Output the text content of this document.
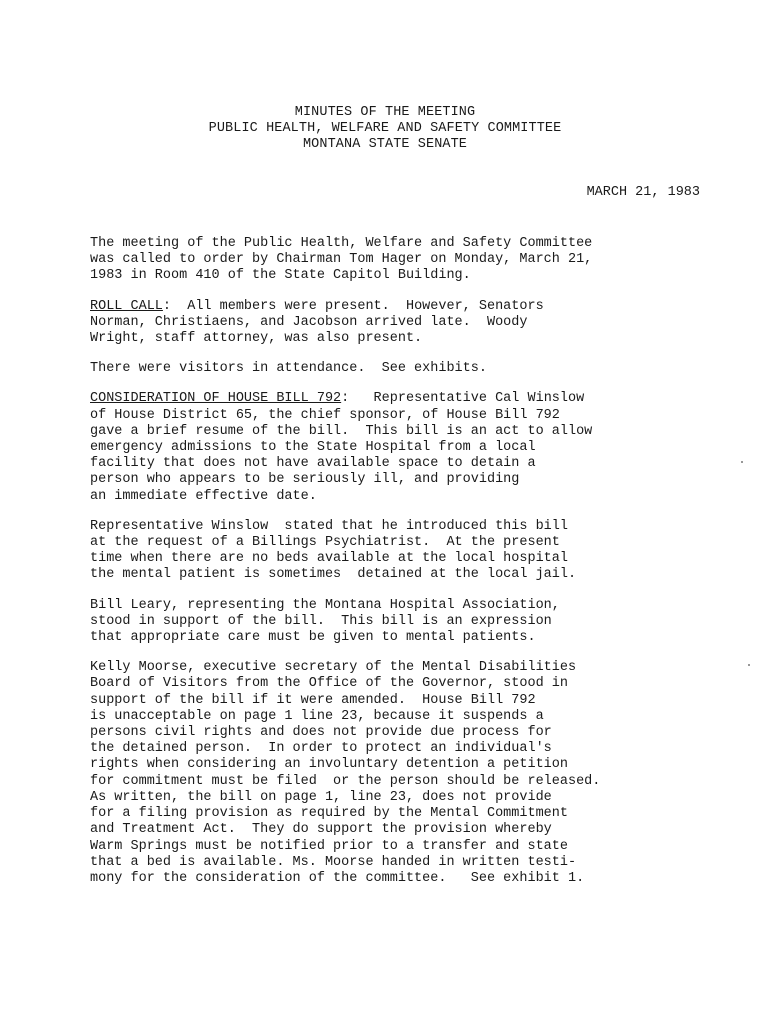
MINUTES OF THE MEETING
PUBLIC HEALTH, WELFARE AND SAFETY COMMITTEE
MONTANA STATE SENATE
MARCH 21, 1983
The meeting of the Public Health, Welfare and Safety Committee
was called to order by Chairman Tom Hager on Monday, March 21,
1983 in Room 410 of the State Capitol Building.
ROLL CALL:  All members were present.  However, Senators
Norman, Christiaens, and Jacobson arrived late.  Woody
Wright, staff attorney, was also present.
There were visitors in attendance.  See exhibits.
CONSIDERATION OF HOUSE BILL 792:   Representative Cal Winslow
of House District 65, the chief sponsor, of House Bill 792
gave a brief resume of the bill.  This bill is an act to allow
emergency admissions to the State Hospital from a local
facility that does not have available space to detain a
person who appears to be seriously ill, and providing
an immediate effective date.
Representative Winslow  stated that he introduced this bill
at the request of a Billings Psychiatrist.  At the present
time when there are no beds available at the local hospital
the mental patient is sometimes  detained at the local jail.
Bill Leary, representing the Montana Hospital Association,
stood in support of the bill.  This bill is an expression
that appropriate care must be given to mental patients.
Kelly Moorse, executive secretary of the Mental Disabilities
Board of Visitors from the Office of the Governor, stood in
support of the bill if it were amended.  House Bill 792
is unacceptable on page 1 line 23, because it suspends a
persons civil rights and does not provide due process for
the detained person.  In order to protect an individual's
rights when considering an involuntary detention a petition
for commitment must be filed  or the person should be released.
As written, the bill on page 1, line 23, does not provide
for a filing provision as required by the Mental Commitment
and Treatment Act.  They do support the provision whereby
Warm Springs must be notified prior to a transfer and state
that a bed is available. Ms. Moorse handed in written testi-
mony for the consideration of the committee.   See exhibit 1.
